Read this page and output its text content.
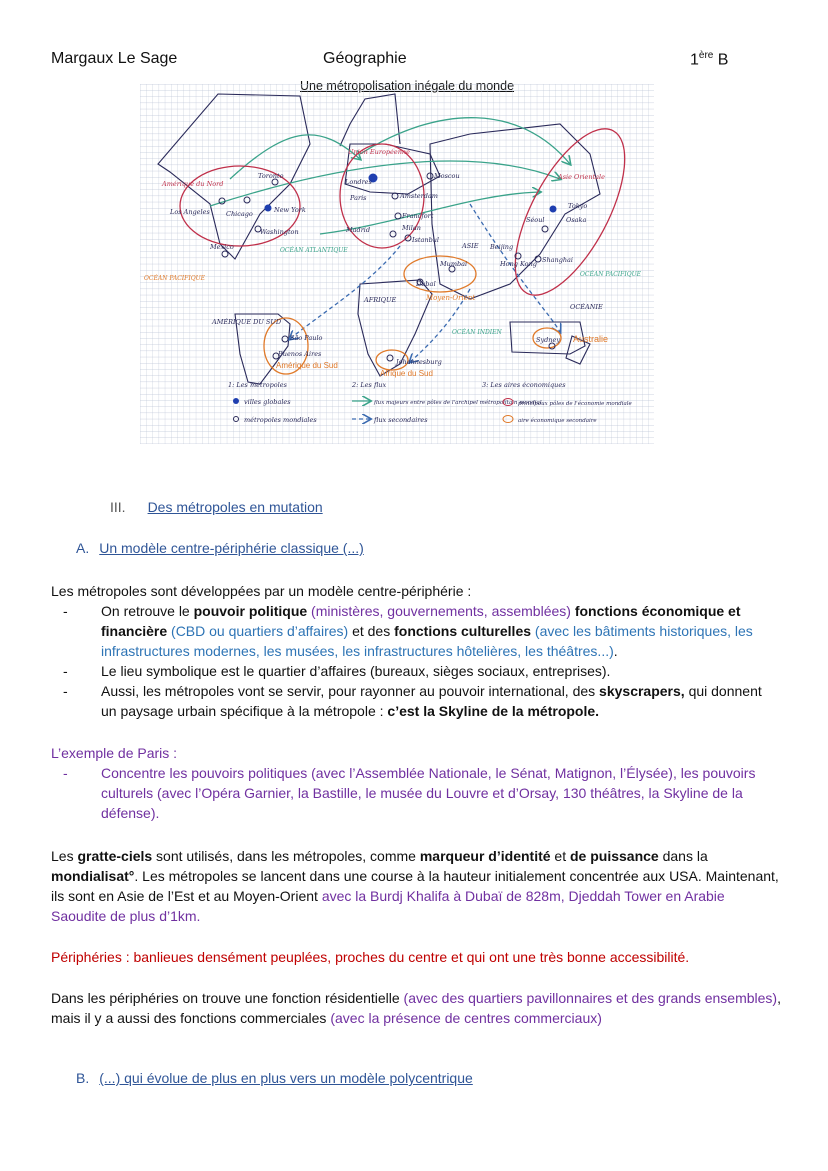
Margaux Le Sage	Géographie	1ère B
Amérique du Nord
Union Européenne
Asie Orientale
Chicago	New York
Washington
Los Angeles
Toronto
Mexico	OCÉAN ATLANTIQUE
OCÉAN PACIFIQUE
OCÉAN PACIFIQUE
Paris
Londres
Madrid
Amsterdam
Francfort
Milan
Istanbul
Moscou
Tokyo
Osaka
Séoul
Beijing
Hong Kong Shanghai
Mumbai
Dubaï
ASIE
AFRIQUE	Moyen-Orient
OCÉAN INDIEN
OCÉANIE
Sydney Australie
AMÉRIQUE DU SUD
São Paulo
Buenos Aires
Amérique du Sud	Johannesburg
Afrique du Sud
1: Les métropoles
villes globales
métropoles mondiales
2: Les flux
flux majeurs entre pôles de l'archipel métropolitain mondial
flux secondaires
3: Les aires économiques
principaux pôles de l'économie mondiale
aire économique secondaire
III. Des métropoles en mutation
A. Un modèle centre-périphérie classique (...)

Les métropoles sont développées par un modèle centre-périphérie :

- On retrouve le pouvoir politique (ministères, gouvernements, assemblées) fonctions économique et financière (CBD ou quartiers d’affaires) et des fonctions culturelles (avec les bâtiments historiques, les infrastructures modernes, les musées, les infrastructures hôtelières, les théâtres...).
- Le lieu symbolique est le quartier d’affaires (bureaux, sièges sociaux, entreprises).
- Aussi, les métropoles vont se servir, pour rayonner au pouvoir international, des skyscrapers, qui donnent un paysage urbain spécifique à la métropole : c’est la Skyline de la métropole.

L’exemple de Paris :

- Concentre les pouvoirs politiques (avec l’Assemblée Nationale, le Sénat, Matignon, l’Élysée), les pouvoirs culturels (avec l’Opéra Garnier, la Bastille, le musée du Louvre et d’Orsay, 130 théâtres, la Skyline de la défense).

Les gratte-ciels sont utilisés, dans les métropoles, comme marqueur d’identité et de puissance dans la mondialisat°. Les métropoles se lancent dans une course à la hauteur initialement concentrée aux USA. Maintenant, ils sont en Asie de l’Est et au Moyen-Orient avec la Burdj Khalifa à Dubaï de 828m, Djeddah Tower en Arabie Saoudite de plus d’1km.

Périphéries : banlieues densément peuplées, proches du centre et qui ont une très bonne accessibilité.

Dans les périphéries on trouve une fonction résidentielle (avec des quartiers pavillonnaires et des grands ensembles), mais il y a aussi des fonctions commerciales (avec la présence de centres commerciaux)

B. (...) qui évolue de plus en plus vers un modèle polycentrique
